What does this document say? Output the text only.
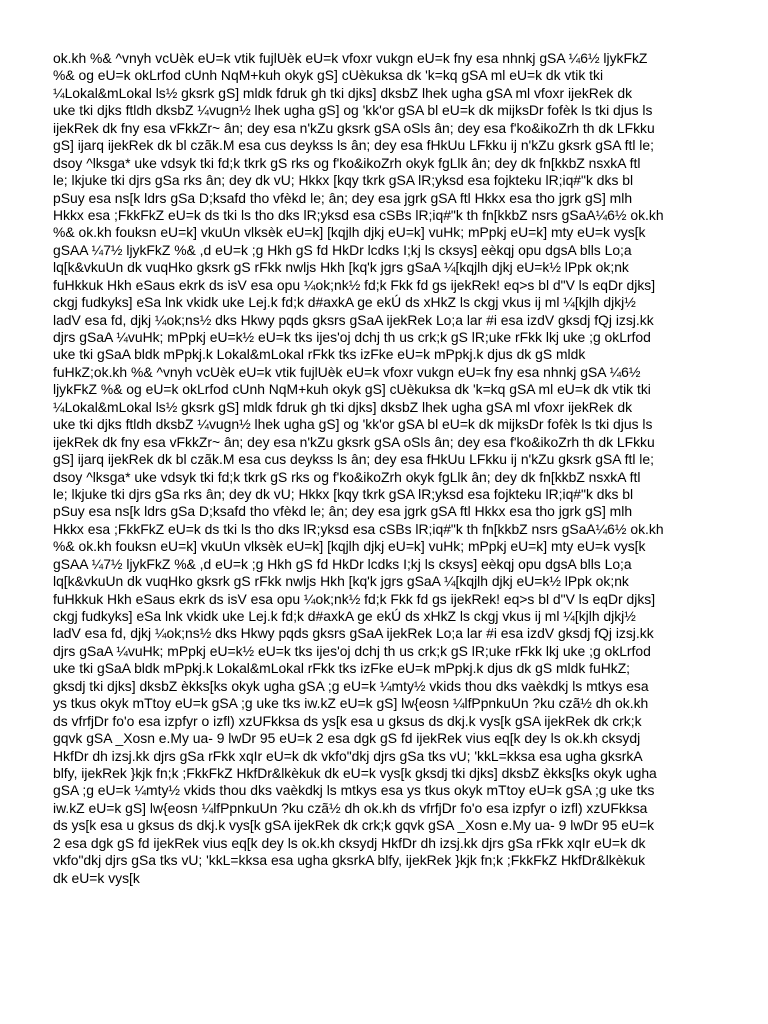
ok.kh %& ^vnyh vcUèk eU=k vtik fujlUèk eU=k vfoxr vukgn eU=k fny esa nhnkj gSA ¼6½ ljykFkZ
%& og eU=k okLrfod cUnh NqM+kuh okyk gS] cUèkuksa dk 'k=kq gSA ml eU=k dk vtik tki
¼Lokal&mLokal ls½ gksrk gS] mldk fdruk gh tki djks] dksbZ lhek ugha gSA ml vfoxr ijekRek dk
uke tki djks ftldh dksbZ ¼vugn½ lhek ugha gS] og 'kk'or gSA bl eU=k dk mijksDr fofèk ls tki djus ls
ijekRek dk fny esa vFkkZr~ ân; dey esa n'kZu gksrk gSA oSls ân; dey esa f'ko&ikoZrh th dk LFkku
gS] ijarq ijekRek dk bl czãk.M esa cus deykss ls ân; dey esa fHkUu LFkku ij n'kZu gksrk gSA ftl le;
dsoy ^lksga* uke vdsyk tki fd;k tkrk gS rks og f'ko&ikoZrh okyk fgLlk ân; dey dk fn[kkbZ nsxkA ftl
le; lkjuke tki djrs gSa rks ân; dey dk vU; Hkkx [kqy tkrk gSA lR;yksd esa fojkteku lR;iq#"k dks bl
pSuy esa ns[k ldrs gSa D;ksafd tho vfèkd le; ân; dey esa jgrk gSA ftl Hkkx esa tho jgrk gS] mlh
Hkkx esa ;FkkFkZ eU=k ds tki ls tho dks lR;yksd esa cSBs lR;iq#"k th fn[kkbZ nsrs gSaA¼6½ ok.kh
%& ok.kh fouksn eU=k] vkuUn vlksèk eU=k] [kqjlh djkj eU=k] vuHk; mPpkj eU=k] mty eU=k vys[k
gSAA ¼7½ ljykFkZ %& ,d eU=k ;g Hkh gS fd HkDr lcdks I;kj ls cksys] eèkqj opu dgsA blls Lo;a
lq[k&vkuUn dk vuqHko gksrk gS rFkk nwljs Hkh [kq'k jgrs gSaA ¼[kqjlh djkj eU=k½ lPpk ok;nk
fuHkkuk Hkh eSaus ekrk ds isV esa opu ¼ok;nk½ fd;k Fkk fd gs ijekRek! eq>s bl d"V ls eqDr djks]
ckgj fudkyks] eSa lnk vkidk uke Lej.k fd;k d#axkA ge ekÚ ds xHkZ ls ckgj vkus ij ml ¼[kjlh djkj½
ladV esa fd, djkj ¼ok;ns½ dks Hkwy pqds gksrs gSaA ijekRek Lo;a lar #i esa izdV gksdj fQj izsj.kk
djrs gSaA ¼vuHk; mPpkj eU=k½ eU=k tks ijes'oj dchj th us crk;k gS lR;uke rFkk lkj uke ;g okLrfod
uke tki gSaA bldk mPpkj.k Lokal&mLokal rFkk tks izFke eU=k mPpkj.k djus dk gS mldk
fuHkZ;ok.kh %& ^vnyh vcUèk eU=k vtik fujlUèk eU=k vfoxr vukgn eU=k fny esa nhnkj gSA ¼6½
ljykFkZ %& og eU=k okLrfod cUnh NqM+kuh okyk gS] cUèkuksa dk 'k=kq gSA ml eU=k dk vtik tki
¼Lokal&mLokal ls½ gksrk gS] mldk fdruk gh tki djks] dksbZ lhek ugha gSA ml vfoxr ijekRek dk
uke tki djks ftldh dksbZ ¼vugn½ lhek ugha gS] og 'kk'or gSA bl eU=k dk mijksDr fofèk ls tki djus ls
ijekRek dk fny esa vFkkZr~ ân; dey esa n'kZu gksrk gSA oSls ân; dey esa f'ko&ikoZrh th dk LFkku
gS] ijarq ijekRek dk bl czãk.M esa cus deykss ls ân; dey esa fHkUu LFkku ij n'kZu gksrk gSA ftl le;
dsoy ^lksga* uke vdsyk tki fd;k tkrk gS rks og f'ko&ikoZrh okyk fgLlk ân; dey dk fn[kkbZ nsxkA ftl
le; lkjuke tki djrs gSa rks ân; dey dk vU; Hkkx [kqy tkrk gSA lR;yksd esa fojkteku lR;iq#"k dks bl
pSuy esa ns[k ldrs gSa D;ksafd tho vfèkd le; ân; dey esa jgrk gSA ftl Hkkx esa tho jgrk gS] mlh
Hkkx esa ;FkkFkZ eU=k ds tki ls tho dks lR;yksd esa cSBs lR;iq#"k th fn[kkbZ nsrs gSaA¼6½ ok.kh
%& ok.kh fouksn eU=k] vkuUn vlksèk eU=k] [kqjlh djkj eU=k] vuHk; mPpkj eU=k] mty eU=k vys[k
gSAA ¼7½ ljykFkZ %& ,d eU=k ;g Hkh gS fd HkDr lcdks I;kj ls cksys] eèkqj opu dgsA blls Lo;a
lq[k&vkuUn dk vuqHko gksrk gS rFkk nwljs Hkh [kq'k jgrs gSaA ¼[kqjlh djkj eU=k½ lPpk ok;nk
fuHkkuk Hkh eSaus ekrk ds isV esa opu ¼ok;nk½ fd;k Fkk fd gs ijekRek! eq>s bl d"V ls eqDr djks]
ckgj fudkyks] eSa lnk vkidk uke Lej.k fd;k d#axkA ge ekÚ ds xHkZ ls ckgj vkus ij ml ¼[kjlh djkj½
ladV esa fd, djkj ¼ok;ns½ dks Hkwy pqds gksrs gSaA ijekRek Lo;a lar #i esa izdV gksdj fQj izsj.kk
djrs gSaA ¼vuHk; mPpkj eU=k½ eU=k tks ijes'oj dchj th us crk;k gS lR;uke rFkk lkj uke ;g okLrfod
uke tki gSaA bldk mPpkj.k Lokal&mLokal rFkk tks izFke eU=k mPpkj.k djus dk gS mldk fuHkZ;
gksdj tki djks] dksbZ èkks[ks okyk ugha gSA ;g eU=k ¼mty½ vkids thou dks vaèkdkj ls mtkys esa
ys tkus okyk mTtoy eU=k gSA ;g uke tks iw.kZ eU=k gS] lw{eosn ¼lfPpnkuUn ?ku czã½ dh ok.kh
ds vfrfjDr fo'o esa izpfyr o izfl) xzUFkksa ds ys[k esa u gksus ds dkj.k vys[k gSA ijekRek dk crk;k
gqvk gSA _Xosn e.My ua- 9 lwDr 95 eU=k 2 esa dgk gS fd ijekRek vius eq[k dey ls ok.kh cksydj
HkfDr dh izsj.kk djrs gSa rFkk xqIr eU=k dk vkfo"dkj djrs gSa tks vU; 'kkL=kksa esa ugha gksrkA
blfy, ijekRek }kjk fn;k ;FkkFkZ HkfDr&lkèkuk dk eU=k vys[k gksdj tki djks] dksbZ èkks[ks okyk ugha
gSA ;g eU=k ¼mty½ vkids thou dks vaèkdkj ls mtkys esa ys tkus okyk mTtoy eU=k gSA ;g uke tks
iw.kZ eU=k gS] lw{eosn ¼lfPpnkuUn ?ku czã½ dh ok.kh ds vfrfjDr fo'o esa izpfyr o izfl) xzUFkksa
ds ys[k esa u gksus ds dkj.k vys[k gSA ijekRek dk crk;k gqvk gSA _Xosn e.My ua- 9 lwDr 95 eU=k
2 esa dgk gS fd ijekRek vius eq[k dey ls ok.kh cksydj HkfDr dh izsj.kk djrs gSa rFkk xqIr eU=k dk
vkfo"dkj djrs gSa tks vU; 'kkL=kksa esa ugha gksrkA blfy, ijekRek }kjk fn;k ;FkkFkZ HkfDr&lkèkuk
dk eU=k vys[k
